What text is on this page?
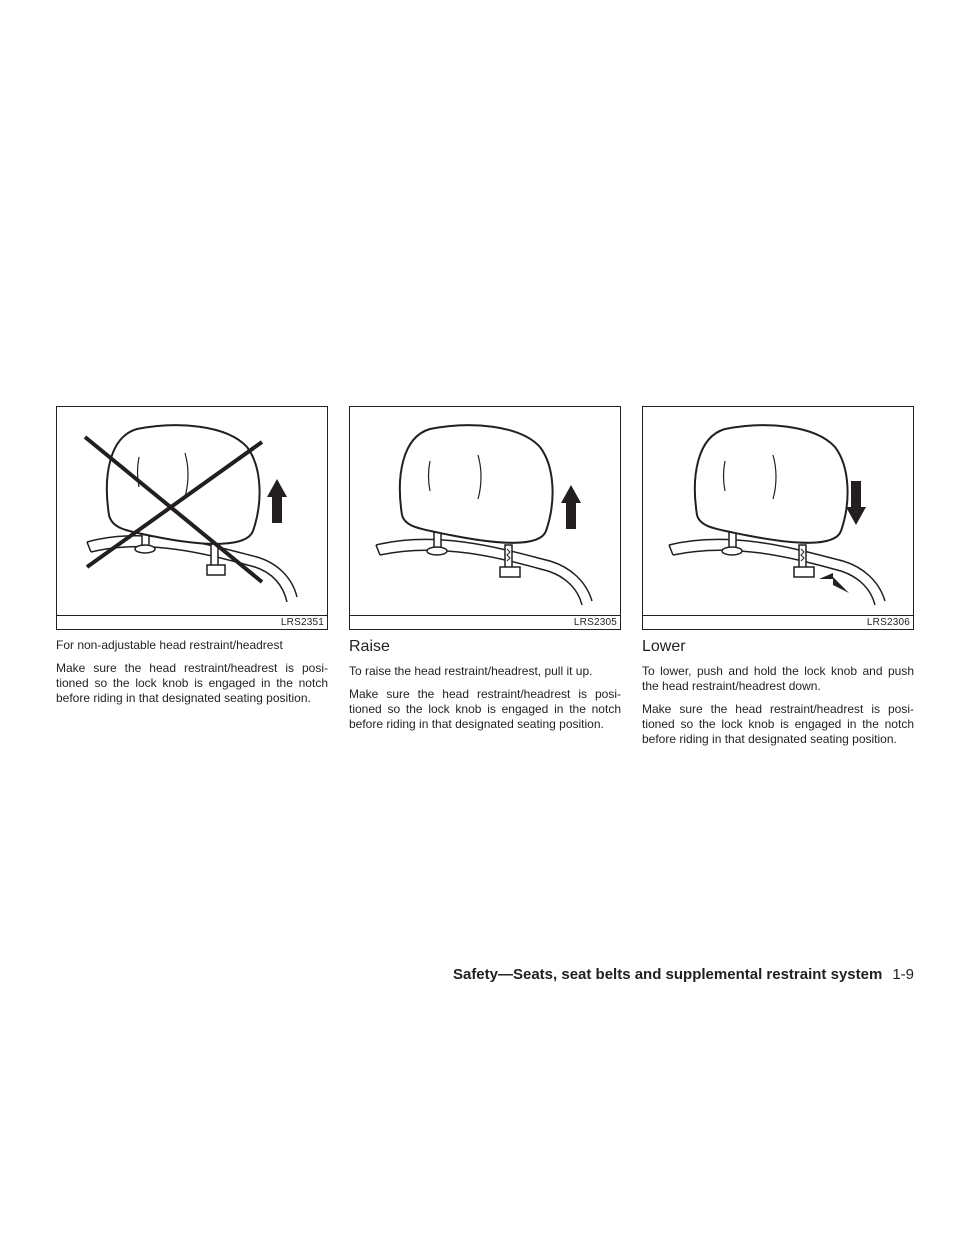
LRS2351

For non-adjustable head restraint/headrest

Make sure the head restraint/headrest is posi-tioned so the lock knob is engaged in the notch before riding in that designated seating position.

LRS2305
Raise

To raise the head restraint/headrest, pull it up.

Make sure the head restraint/headrest is posi-tioned so the lock knob is engaged in the notch before riding in that designated seating position.

LRS2306
Lower

To lower, push and hold the lock knob and push the head restraint/headrest down.

Make sure the head restraint/headrest is posi-tioned so the lock knob is engaged in the notch before riding in that designated seating position.

Safety—Seats, seat belts and supplemental restraint system 1-9
